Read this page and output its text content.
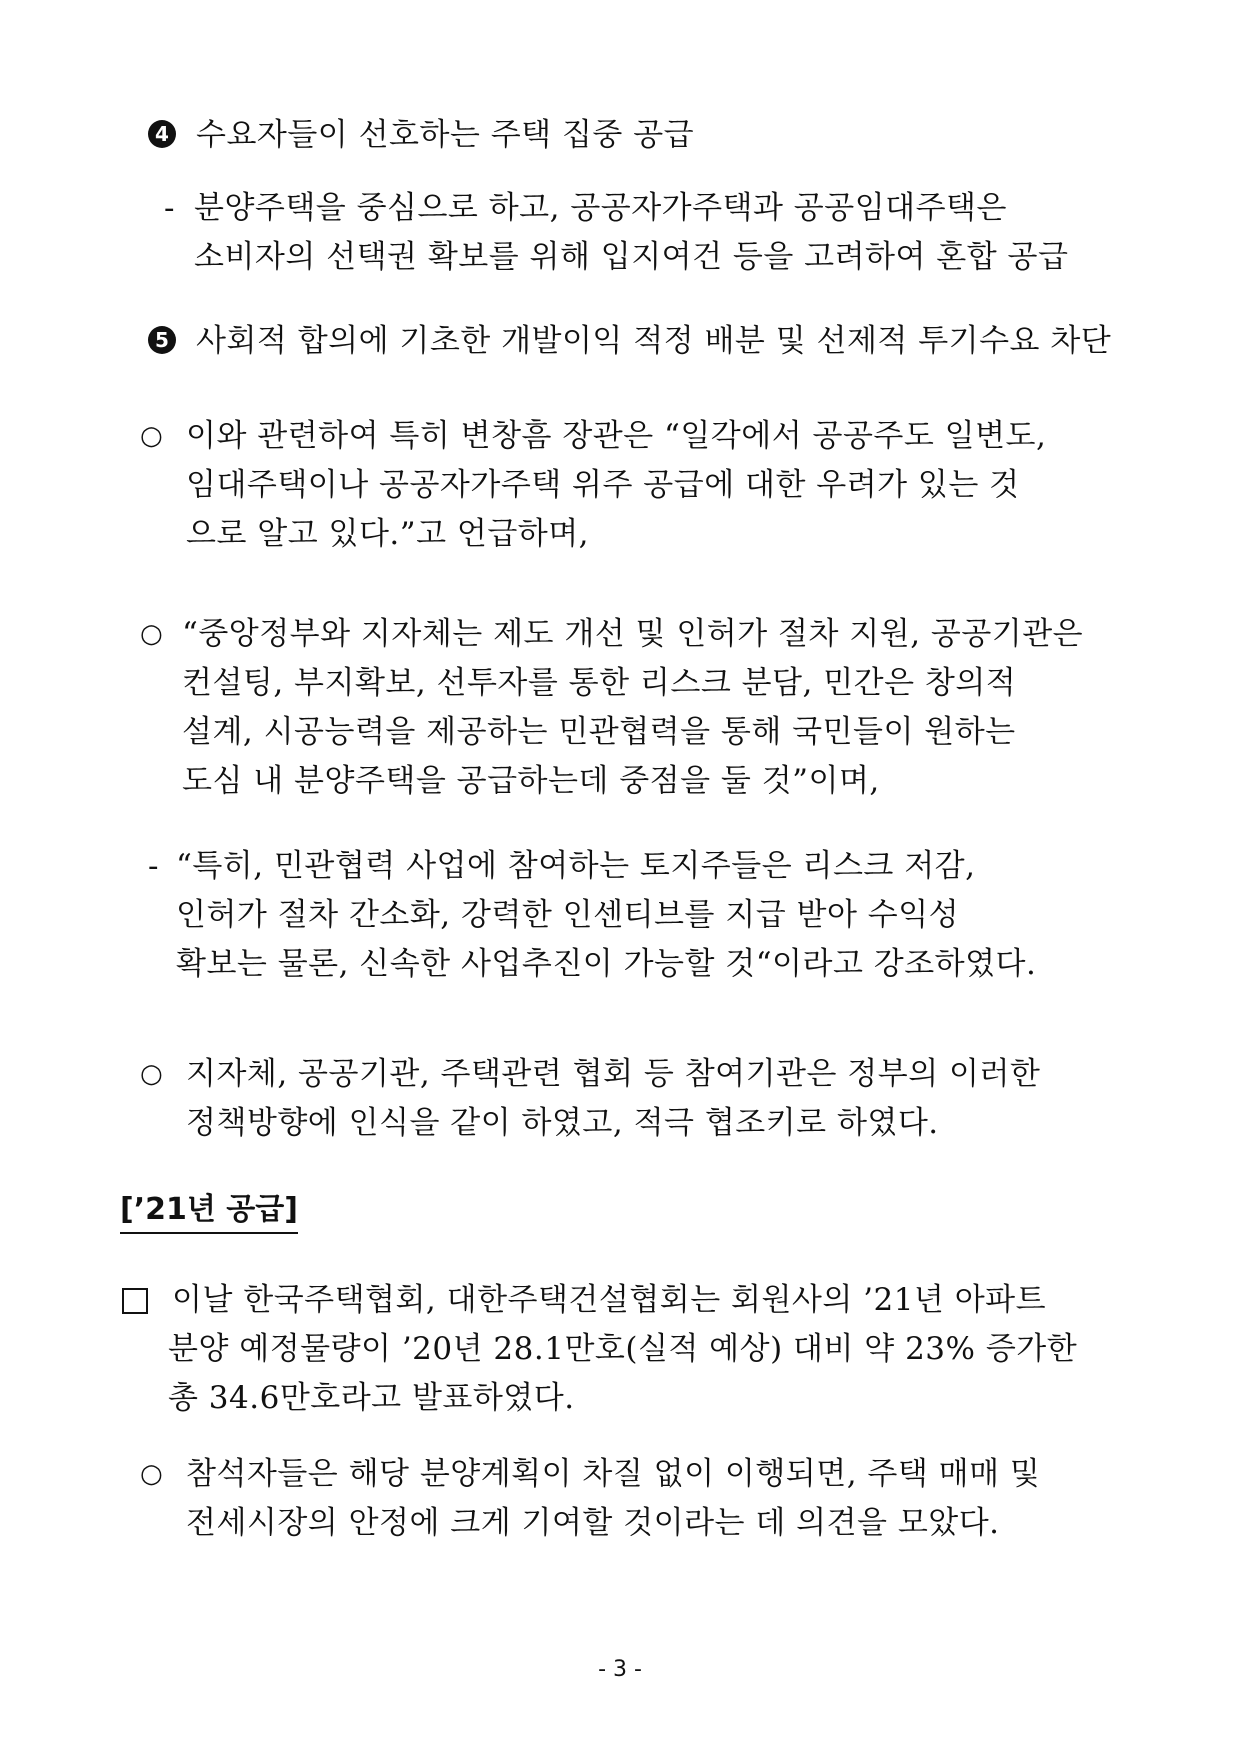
4 수요자들이 선호하는 주택 집중 공급
- 분양주택을 중심으로 하고, 공공자가주택과 공공임대주택은
소비자의 선택권 확보를 위해 입지여건 등을 고려하여 혼합 공급
5 사회적 합의에 기초한 개발이익 적정 배분 및 선제적 투기수요 차단
○ 이와 관련하여 특히 변창흠 장관은 “일각에서 공공주도 일변도,
임대주택이나 공공자가주택 위주 공급에 대한 우려가 있는 것
으로 알고 있다.”고 언급하며,
○ “중앙정부와 지자체는 제도 개선 및 인허가 절차 지원, 공공기관은
컨설팅, 부지확보, 선투자를 통한 리스크 분담, 민간은 창의적
설계, 시공능력을 제공하는 민관협력을 통해 국민들이 원하는
도심 내 분양주택을 공급하는데 중점을 둘 것”이며,
- “특히, 민관협력 사업에 참여하는 토지주들은 리스크 저감,
인허가 절차 간소화, 강력한 인센티브를 지급 받아 수익성
확보는 물론, 신속한 사업추진이 가능할 것“이라고 강조하였다.
○ 지자체, 공공기관, 주택관련 협회 등 참여기관은 정부의 이러한
정책방향에 인식을 같이 하였고, 적극 협조키로 하였다.
[’21년 공급]
이날 한국주택협회, 대한주택건설협회는 회원사의 ’21년 아파트
분양 예정물량이 ’20년 28.1만호(실적 예상) 대비 약 23% 증가한
총 34.6만호라고 발표하였다.
○ 참석자들은 해당 분양계획이 차질 없이 이행되면, 주택 매매 및
전세시장의 안정에 크게 기여할 것이라는 데 의견을 모았다.
- 3 -
